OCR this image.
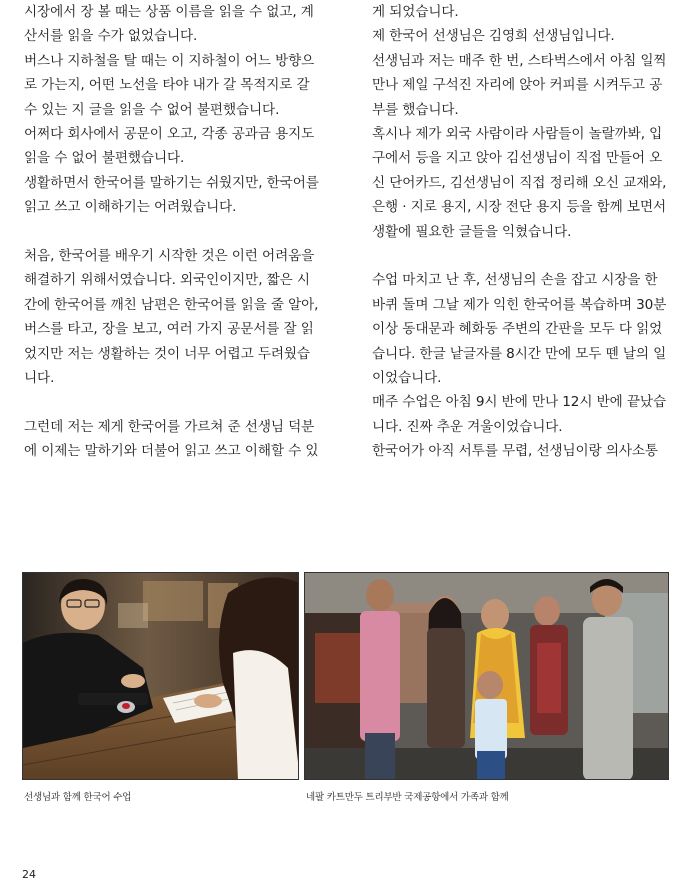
시장에서 장 볼 때는 상품 이름을 읽을 수 없고, 계

산서를 읽을 수가 없었습니다.

버스나 지하철을 탈 때는 이 지하철이 어느 방향으

로 가는지, 어떤 노선을 타야 내가 갈 목적지로 갈

수 있는 지 글을 읽을 수 없어 불편했습니다.

어쩌다 회사에서 공문이 오고, 각종 공과금 용지도

읽을 수 없어 불편했습니다.

생활하면서 한국어를 말하기는 쉬웠지만, 한국어를

읽고 쓰고 이해하기는 어려웠습니다.

처음, 한국어를 배우기 시작한 것은 이런 어려움을

해결하기 위해서였습니다. 외국인이지만, 짧은 시

간에 한국어를 깨친 남편은 한국어를 읽을 줄 알아,

버스를 타고, 장을 보고, 여러 가지 공문서를 잘 읽

었지만 저는 생활하는 것이 너무 어렵고 두려웠습

니다.

그런데 저는 제게 한국어를 가르쳐 준 선생님 덕분

에 이제는 말하기와 더불어 읽고 쓰고 이해할 수 있

게 되었습니다.

제 한국어 선생님은 김영희 선생님입니다.

선생님과 저는 매주 한 번, 스타벅스에서 아침 일찍

만나 제일 구석진 자리에 앉아 커피를 시켜두고 공

부를 했습니다.

혹시나 제가 외국 사람이라 사람들이 놀랄까봐, 입

구에서 등을 지고 앉아 김선생님이 직접 만들어 오

신 단어카드, 김선생님이 직접 정리해 오신 교재와,

은행 · 지로 용지, 시장 전단 용지 등을 함께 보면서

생활에 필요한 글들을 익혔습니다.

수업 마치고 난 후, 선생님의 손을 잡고 시장을 한

바퀴 돌며 그날 제가 익힌 한국어를 복습하며 30분

이상 동대문과 혜화동 주변의 간판을 모두 다 읽었

습니다. 한글 낱글자를 8시간 만에 모두 뗀 날의 일

이었습니다.

매주 수업은 아침 9시 반에 만나 12시 반에 끝났습

니다. 진짜 추운 겨울이었습니다.

한국어가 아직 서투를 무렵, 선생님이랑 의사소통

선생님과 함께 한국어 수업	네팔 카트만두 트리부반 국제공항에서 가족과 함께
24
